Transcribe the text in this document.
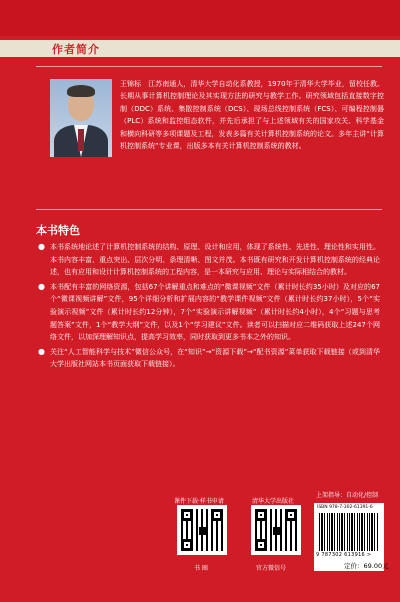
作者简介

王锦标　江苏南通人，清华大学自动化系教授，1970年于清华大学毕业，留校任教。长期从事计算机控制理论及其实现方法的研究与教学工作。研究领域包括直接数字控制（DDC）系统、集散控制系统（DCS）、现场总线控制系统（FCS）、可编程控制器（PLC）系统和监控组态软件，并先后承担了与上述领域有关的国家攻关、科学基金和横向科研等多项课题及工程，发表多篇有关计算机控制系统的论文。多年主讲“计算机控制系统”专业课，出版多本有关计算机控制系统的教材。

本书特色
● 本书系统地论述了计算机控制系统的结构、原理、设计和应用，体现了系统性、先进性、理论性和实用性。本书内容丰富、重点突出、层次分明、条理清晰、图文并茂。本书既有研究和开发计算机控制系统的经典论述，也有应用和设计计算机控制系统的工程内容，是一本研究与应用、理论与实际相结合的教材。
● 本书配有丰富的网络资源，包括67个讲解重点和难点的“微课视频”文件（累计时长约35小时）及对应的67个“微课视频讲解”文件，95个详细分析和扩展内容的“教学课件视频”文件（累计时长约37小时），5个“实验演示视频”文件（累计时长约12分钟），7个“实验演示讲解视频”（累计时长约4小时），4个“习题与思考题答案”文件，1个“教学大纲”文件，以及1个“学习建议”文件。读者可以扫描对应二维码获取上述247个网络文件，以加深理解知识点，提高学习效率，同时获取到更多书本之外的知识。
● 关注“人工智能科学与技术”微信公众号，在“知识”→“资源下载”→“配书资源”菜单获取下载链接（或到清华大学出版社网站本书页面获取下载链接）。
课件下载·样书申请
书 圈
清华大学出版社
官方微信号
上架指导：自动化/控制
ISBN 978-7-302-61391-6
9 787302 613916 >
定价：69.00元
